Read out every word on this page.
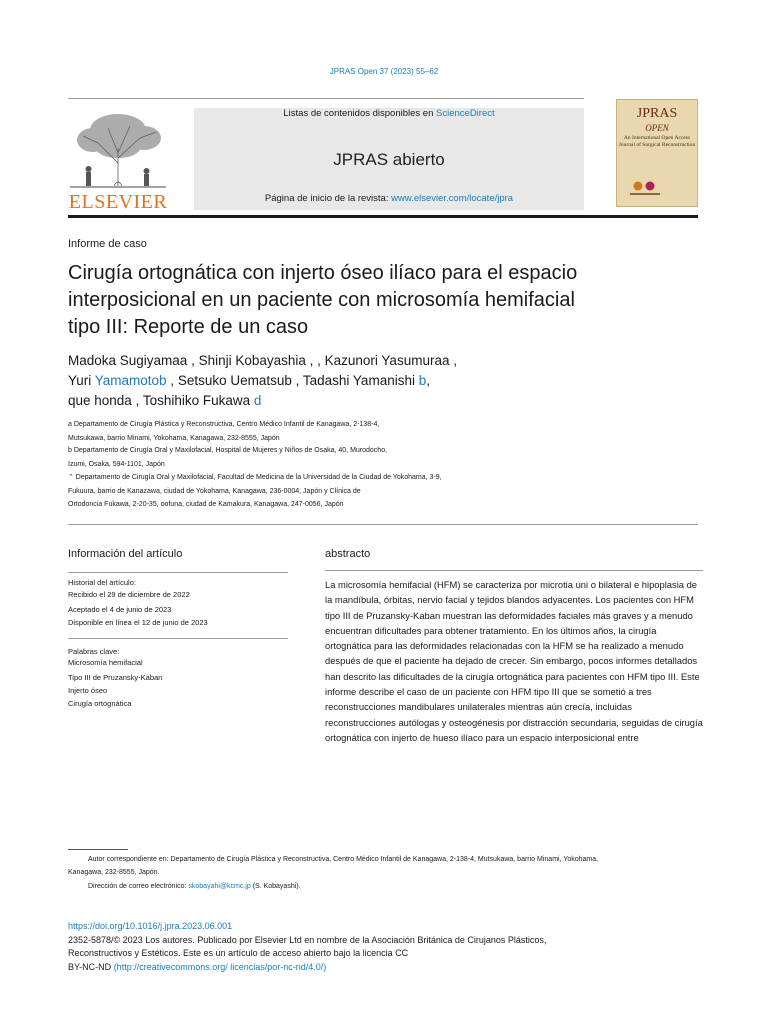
JPRAS Open 37 (2023) 55–62
ELSEVIER
Listas de contenidos disponibles en ScienceDirect
JPRAS abierto
Página de inicio de la revista: www.elsevier.com/locate/jpra
JPRAS
OPEN
An International Open Access Journal of Surgical Reconstruction
Informe de caso
Cirugía ortognática con injerto óseo ilíaco para el espacio interposicional en un paciente con microsomía hemifacial tipo III: Reporte de un caso
Madoka Sugiyamaa , Shinji Kobayashia , , Kazunori Yasumuraa ,
Yuri Yamamotob , Setsuko Uematsub , Tadashi Yamanishi b,
que honda , Toshihiko Fukawa d
a Departamento de Cirugía Plástica y Reconstructiva, Centro Médico Infantil de Kanagawa, 2-138-4,
Mutsukawa, barrio Minami, Yokohama, Kanagawa, 232-8555, Japón
b Departamento de Cirugía Oral y Maxilofacial, Hospital de Mujeres y Niños de Osaka, 40, Murodocho,
Izumi, Osaka, 594-1101, Japón
⌃ Departamento de Cirugía Oral y Maxilofacial, Facultad de Medicina de la Universidad de la Ciudad de Yokohama, 3-9,
Fukuura, barrio de Kanazawa, ciudad de Yokohama, Kanagawa, 236-0004, Japón y Clínica de
Ortodoncia Fukawa, 2-20-35, oofuna, ciudad de Kamakura, Kanagawa, 247-0056, Japón
Información del artículo
Historial del artículo:
Recibido el 29 de diciembre de 2022
Aceptado el 4 de junio de 2023
Disponible en línea el 12 de junio de 2023
Palabras clave:
Microsomía hemifacial
Tipo III de Pruzansky-Kaban
Injerto óseo
Cirugía ortognática
abstracto
La microsomía hemifacial (HFM) se caracteriza por microtia uni o bilateral e hipoplasia de la mandíbula, órbitas, nervio facial y tejidos blandos adyacentes. Los pacientes con HFM tipo III de Pruzansky-Kaban muestran las deformidades faciales más graves y a menudo encuentran dificultades para obtener tratamiento. En los últimos años, la cirugía ortognática para las deformidades relacionadas con la HFM se ha realizado a menudo después de que el paciente ha dejado de crecer. Sin embargo, pocos informes detallados han descrito las dificultades de la cirugía ortognática para pacientes con HFM tipo III. Este informe describe el caso de un paciente con HFM tipo III que se sometió a tres reconstrucciones mandibulares unilaterales mientras aún crecía, incluidas reconstrucciones autólogas y osteogénesis por distracción secundaria, seguidas de cirugía ortognática con injerto de hueso ilíaco para un espacio interposicional entre
Autor correspondiente en: Departamento de Cirugía Plástica y Reconstructiva, Centro Médico Infantil de Kanagawa, 2-138-4, Mutsukawa, barrio Minami, Yokohama,
Kanagawa, 232-8555, Japón.
Dirección de correo electrónico: skobayahi@kcmc.jp (S. Kobayashi).
https://doi.org/10.1016/j.jpra.2023.06.001
2352-5878/© 2023 Los autores. Publicado por Elsevier Ltd en nombre de la Asociación Británica de Cirujanos Plásticos,
Reconstructivos y Estéticos. Este es un artículo de acceso abierto bajo la licencia CC
BY-NC-ND (http://creativecommons.org/ licencias/por-nc-nd/4.0/)
